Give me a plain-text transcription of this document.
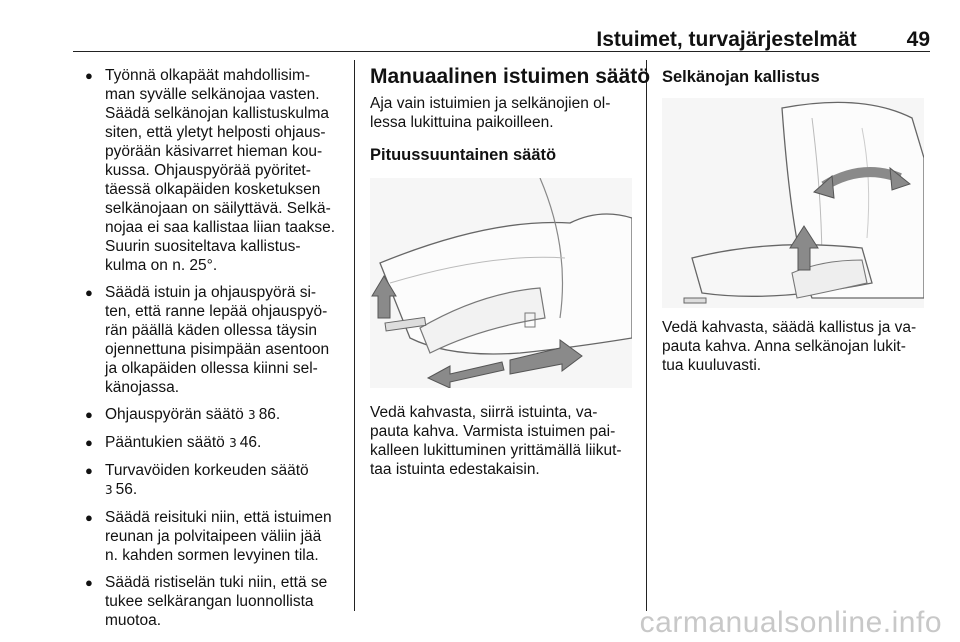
Istuimet, turvajärjestelmät 49
● Työnnä olkapäät mahdollisim-
man syvälle selkänojaa vasten.
Säädä selkänojan kallistuskulma
siten, että yletyt helposti ohjaus-
pyörään käsivarret hieman kou-
kussa. Ohjauspyörää pyöritet-
täessä olkapäiden kosketuksen
selkänojaan on säilyttävä. Selkä-
nojaa ei saa kallistaa liian taakse.
Suurin suositeltava kallistus-
kulma on n. 25°.
● Säädä istuin ja ohjauspyörä si-
ten, että ranne lepää ohjauspyö-
rän päällä käden ollessa täysin
ojennettuna pisimpään asentoon
ja olkapäiden ollessa kiinni sel-
känojassa.
● Ohjauspyörän säätö 3 86.
● Pääntukien säätö 3 46.
● Turvavöiden korkeuden säätö
3 56.
● Säädä reisituki niin, että istuimen
reunan ja polvitaipeen väliin jää
n. kahden sormen levyinen tila.
● Säädä ristiselän tuki niin, että se
tukee selkärangan luonnollista
muotoa.
Manuaalinen istuimen säätö

Aja vain istuimien ja selkänojien ol-
lessa lukittuina paikoilleen.

Pituussuuntainen säätö

Vedä kahvasta, siirrä istuinta, va-
pauta kahva. Varmista istuimen pai-
kalleen lukittuminen yrittämällä liikut-
taa istuinta edestakaisin.

Selkänojan kallistus

Vedä kahvasta, säädä kallistus ja va-
pauta kahva. Anna selkänojan lukit-
tua kuuluvasti.

carmanualsonline.info
